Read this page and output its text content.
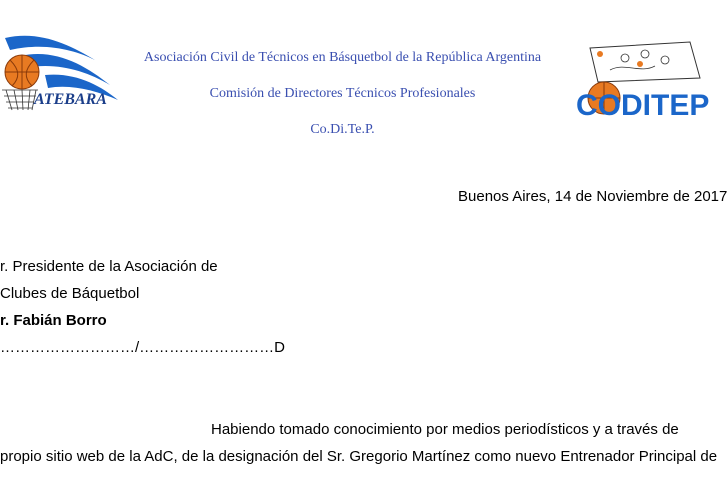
ATEBARA
Asociación Civil de Técnicos en Básquetbol de la República Argentina
Comisión de Directores Técnicos Profesionales
Co.Di.Te.P.
CODITEP
Buenos Aires, 14 de Noviembre de 2017
r. Presidente de la Asociación de
Clubes de Báquetbol
r. Fabián Borro
………………………/………………………D
Habiendo tomado conocimiento por medios periodísticos y a través de
propio sitio web de la AdC, de la designación del Sr. Gregorio Martínez como nuevo Entrenador Principal de
